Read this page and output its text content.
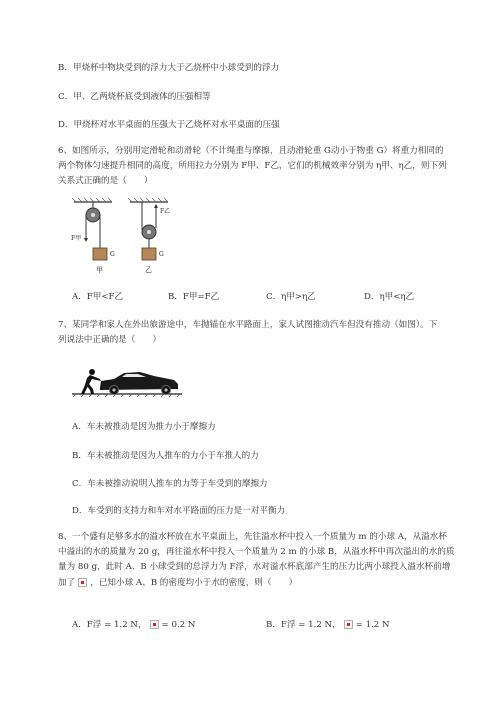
B．甲烧杯中物块受到的浮力大于乙烧杯中小球受到的浮力
C．甲、乙两烧杯底受到液体的压强相等
D．甲烧杯对水平桌面的压强大于乙烧杯对水平桌面的压强
6、如图所示，分别用定滑轮和动滑轮（不计绳重与摩擦，且动滑轮重 G动小于物重 G）将重力相同的
两个物体匀速提升相同的高度，所用拉力分别为 F甲、F乙，它们的机械效率分别为 η甲、η乙，则下列
关系式正确的是（　　）
F甲
F乙
G	G
甲	乙
A．F甲<F乙	B．F甲=F乙	C．η甲>η乙	D．η甲<η乙
7、某同学和家人在外出旅游途中，车抛锚在水平路面上，家人试图推动汽车但没有推动（如图）。下
列说法中正确的是（　　）
A．车未被推动是因为推力小于摩擦力
B．车未被推动是因为人推车的力小于车推人的力
C．车未被推动说明人推车的力等于车受到的摩擦力
D．车受到的支持力和车对水平路面的压力是一对平衡力
8、一个盛有足够多水的溢水杯放在水平桌面上，先往溢水杯中投入一个质量为 m 的小球 A，从溢水杯
中溢出的水的质量为 20 g，再往溢水杯中投入一个质量为 2 m 的小球 B，从溢水杯中再次溢出的水的质
量为 80 g，此时 A、B 小球受到的总浮力为 F浮，水对溢水杯底部产生的压力比两小球投入溢水杯前增
加了 ，已知小球 A、B 的密度均小于水的密度，则（　　）
A．F浮 = 1.2 N， = 0.2 N	B．F浮 = 1.2 N， = 1.2 N
